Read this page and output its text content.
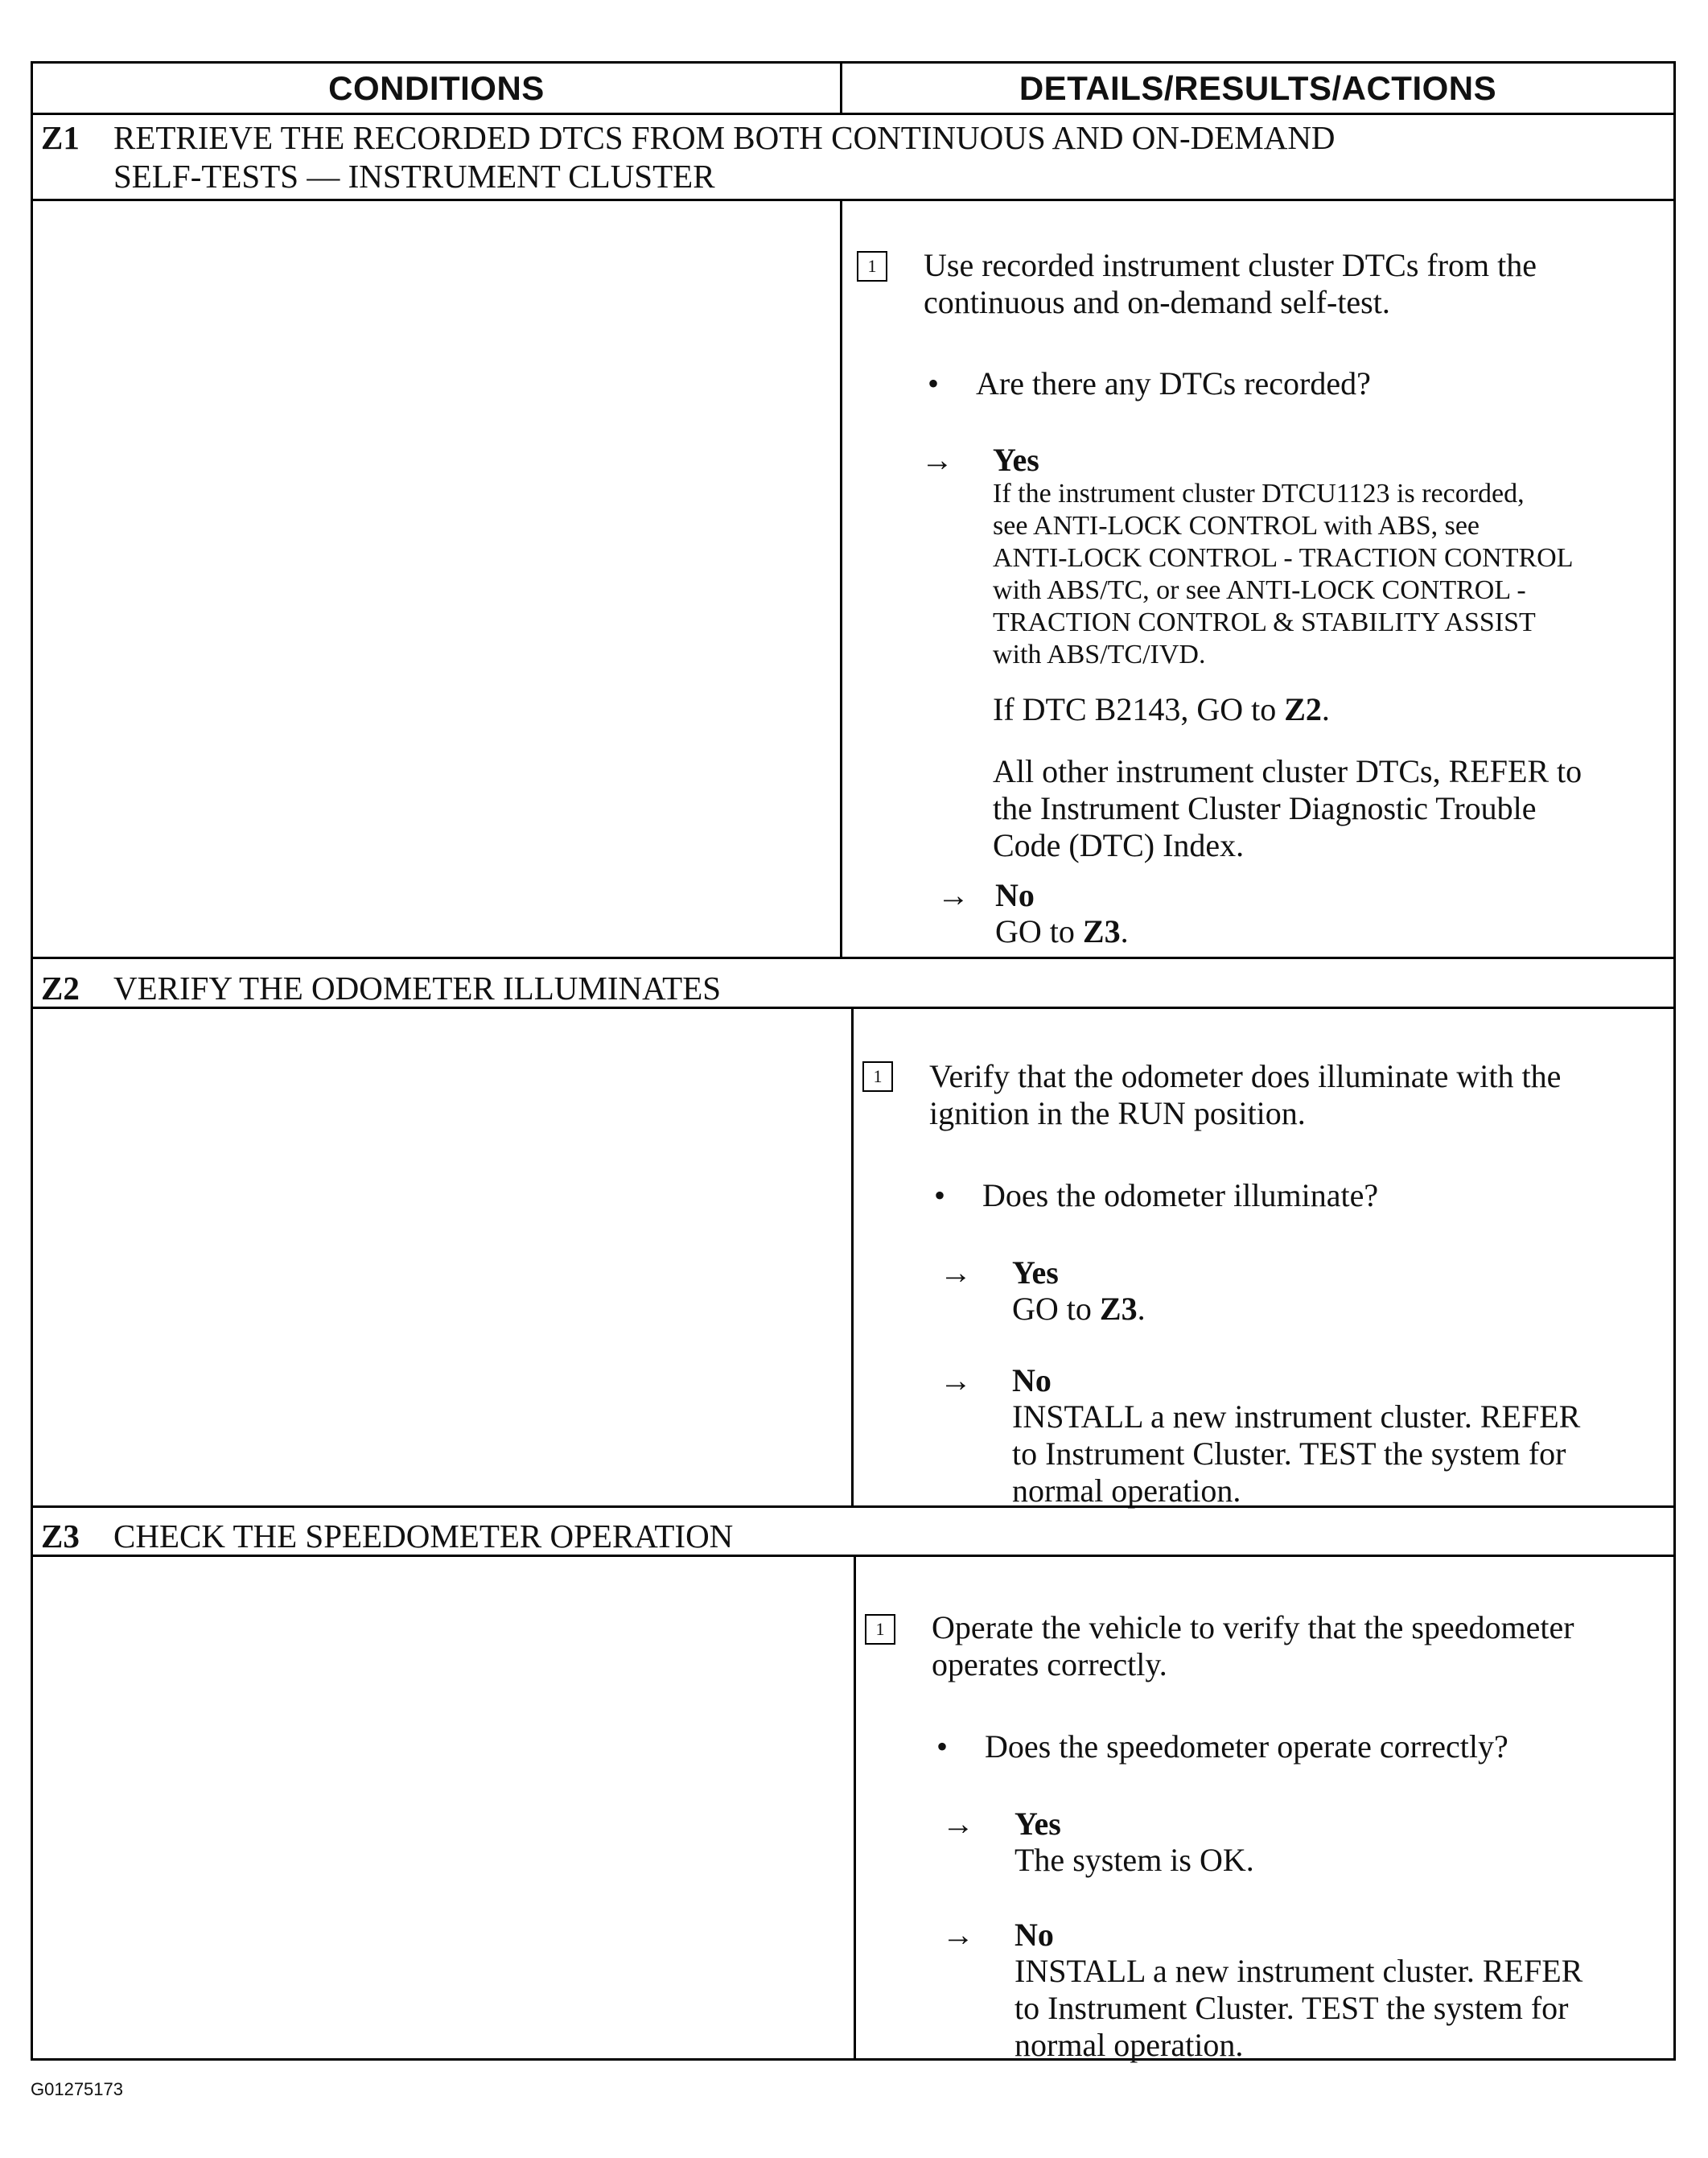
CONDITIONS	DETAILS/RESULTS/ACTIONS
Z1 RETRIEVE THE RECORDED DTCS FROM BOTH CONTINUOUS AND ON-DEMAND
SELF-TESTS — INSTRUMENT CLUSTER
1	Use recorded instrument cluster DTCs from the
continuous and on-demand self-test.
• Are there any DTCs recorded?
→ Yes
If the instrument cluster DTCU1123 is recorded,
see ANTI-LOCK CONTROL with ABS, see
ANTI-LOCK CONTROL - TRACTION CONTROL
with ABS/TC, or see ANTI-LOCK CONTROL -
TRACTION CONTROL & STABILITY ASSIST
with ABS/TC/IVD.
If DTC B2143, GO to Z2.
All other instrument cluster DTCs, REFER to
the Instrument Cluster Diagnostic Trouble
Code (DTC) Index.
→ No
GO to Z3.
Z2 VERIFY THE ODOMETER ILLUMINATES
1	Verify that the odometer does illuminate with the
ignition in the RUN position.
• Does the odometer illuminate?
→ Yes
GO to Z3.
→ No
INSTALL a new instrument cluster. REFER
to Instrument Cluster. TEST the system for
normal operation.
Z3 CHECK THE SPEEDOMETER OPERATION
1	Operate the vehicle to verify that the speedometer
operates correctly.
• Does the speedometer operate correctly?
→ Yes
The system is OK.
→ No
INSTALL a new instrument cluster. REFER
to Instrument Cluster. TEST the system for
normal operation.
G01275173
